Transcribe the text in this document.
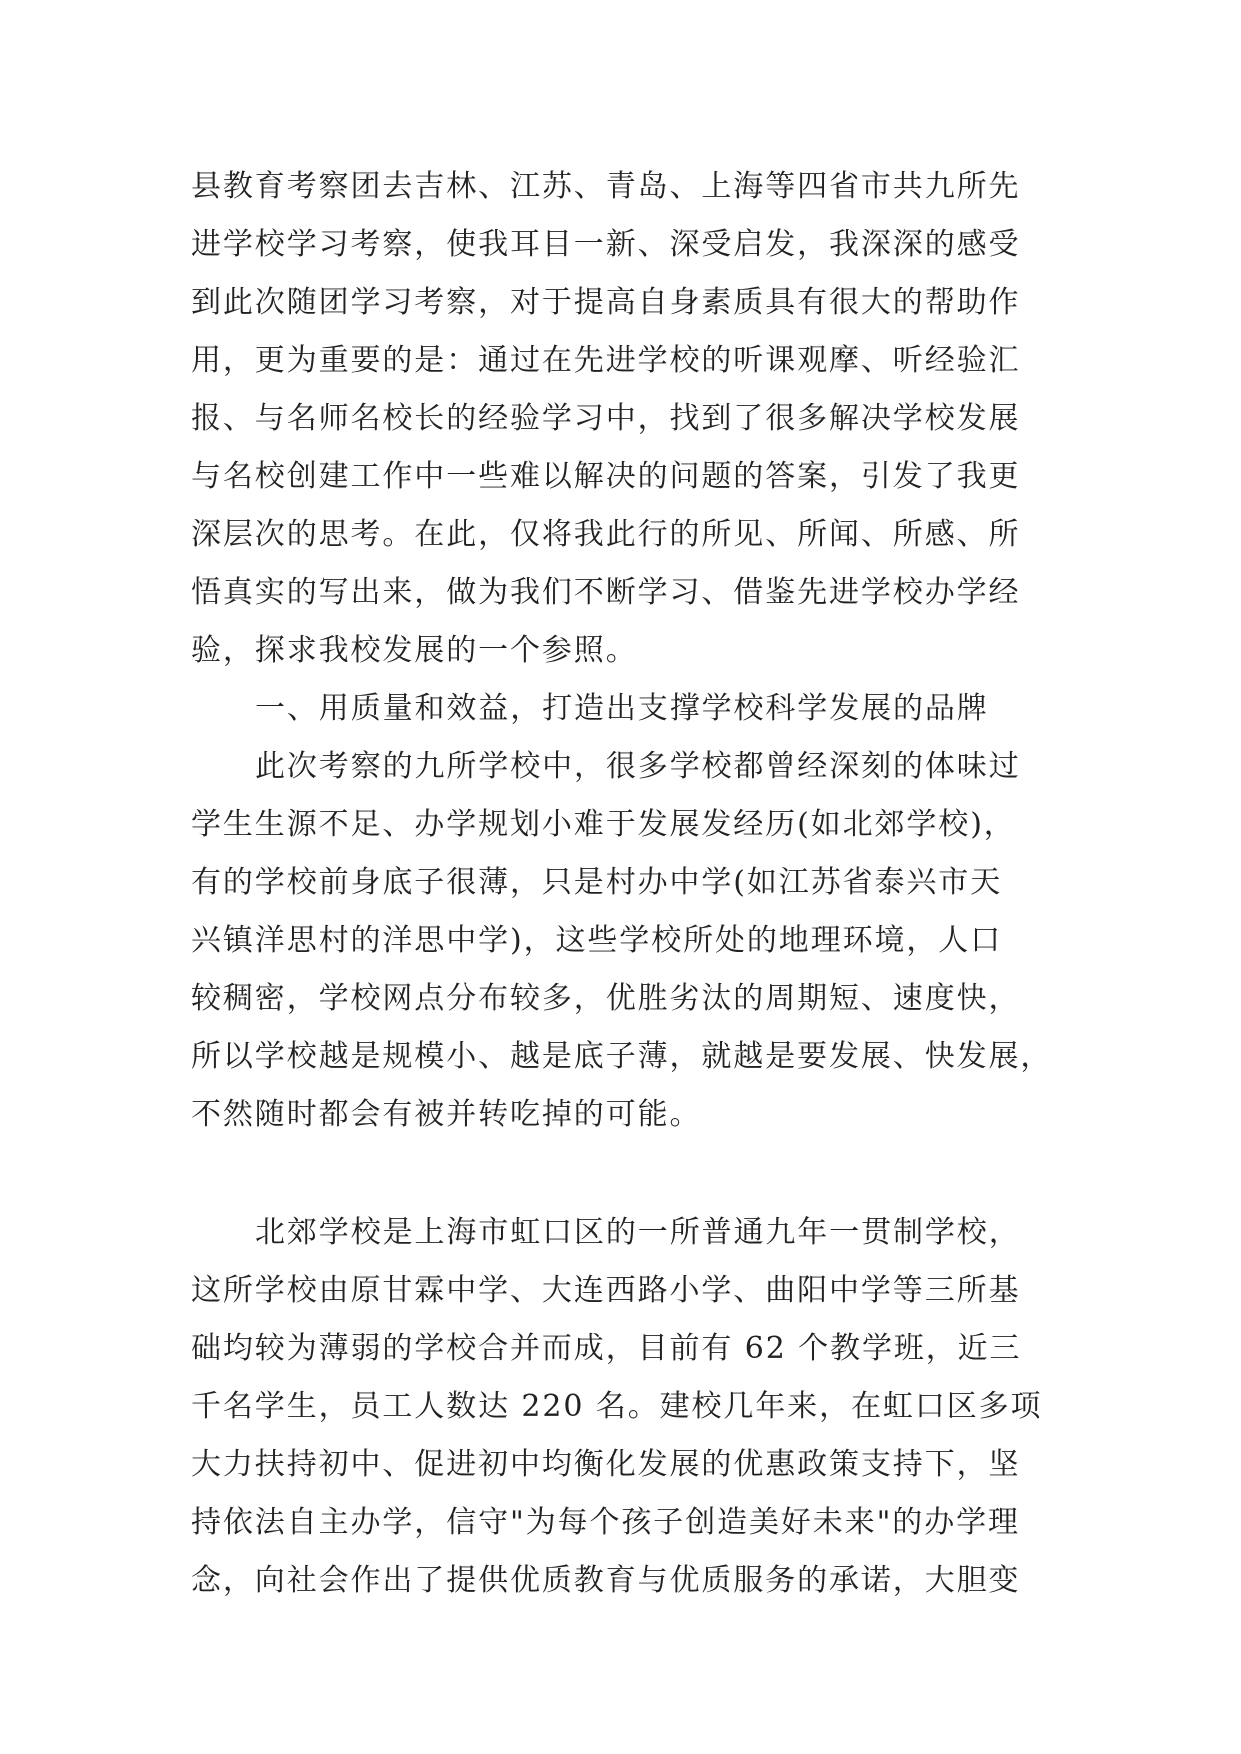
县教育考察团去吉林、江苏、青岛、上海等四省市共九所先
进学校学习考察，使我耳目一新、深受启发，我深深的感受
到此次随团学习考察，对于提高自身素质具有很大的帮助作
用，更为重要的是：通过在先进学校的听课观摩、听经验汇
报、与名师名校长的经验学习中，找到了很多解决学校发展
与名校创建工作中一些难以解决的问题的答案，引发了我更
深层次的思考。在此，仅将我此行的所见、所闻、所感、所
悟真实的写出来，做为我们不断学习、借鉴先进学校办学经
验，探求我校发展的一个参照。
一、用质量和效益，打造出支撑学校科学发展的品牌
此次考察的九所学校中，很多学校都曾经深刻的体味过
学生生源不足、办学规划小难于发展发经历(如北郊学校)，
有的学校前身底子很薄，只是村办中学(如江苏省泰兴市天
兴镇洋思村的洋思中学)，这些学校所处的地理环境，人口
较稠密，学校网点分布较多，优胜劣汰的周期短、速度快，
所以学校越是规模小、越是底子薄，就越是要发展、快发展，
不然随时都会有被并转吃掉的可能。
北郊学校是上海市虹口区的一所普通九年一贯制学校，
这所学校由原甘霖中学、大连西路小学、曲阳中学等三所基
础均较为薄弱的学校合并而成，目前有 62 个教学班，近三
千名学生，员工人数达 220 名。建校几年来，在虹口区多项
大力扶持初中、促进初中均衡化发展的优惠政策支持下，坚
持依法自主办学，信守"为每个孩子创造美好未来"的办学理
念，向社会作出了提供优质教育与优质服务的承诺，大胆变
